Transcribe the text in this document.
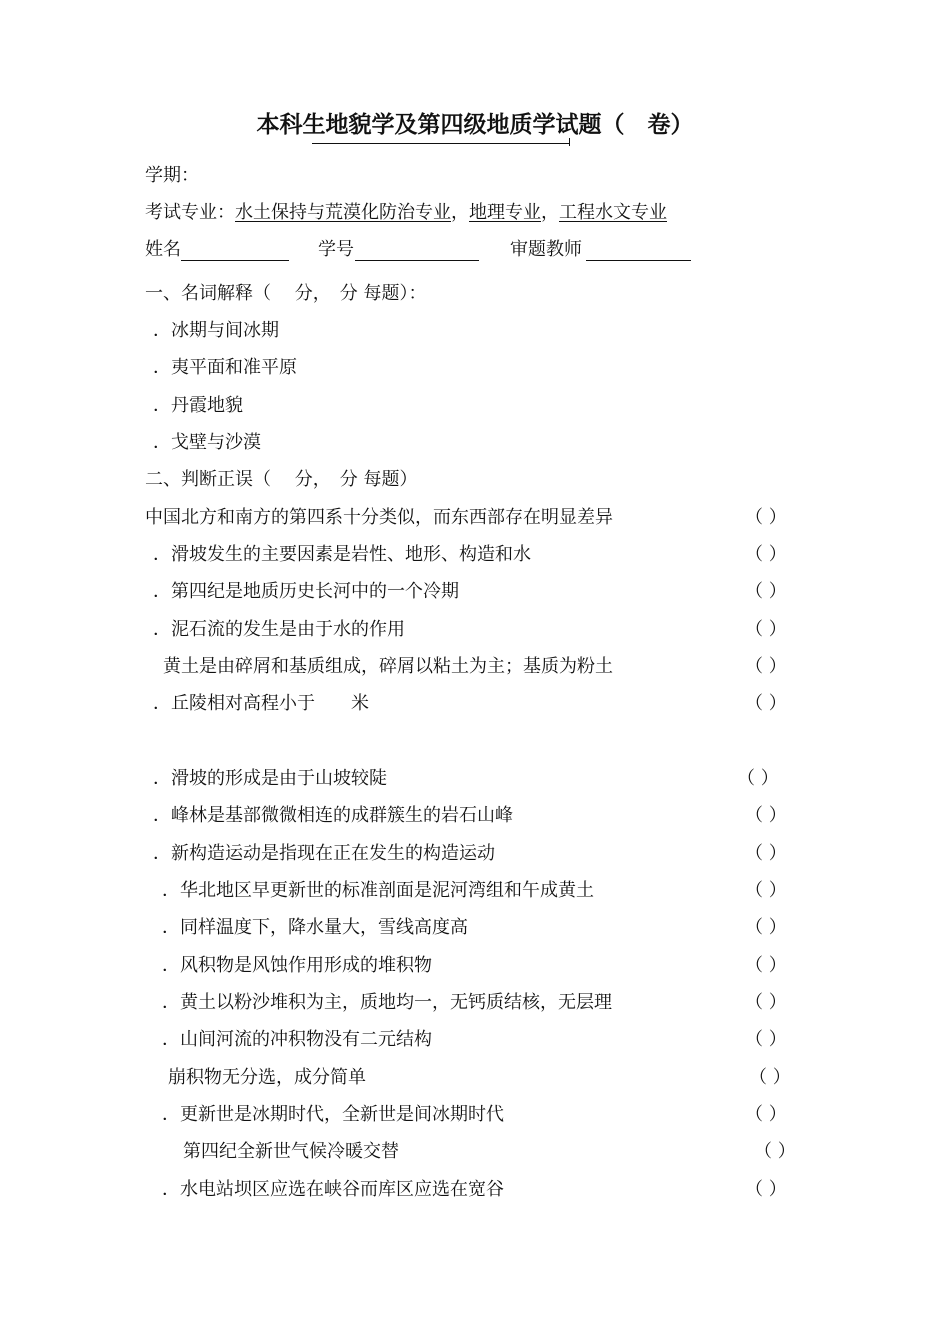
本科生地貌学及第四级地质学试题（　卷）
学期：
考试专业：水土保持与荒漠化防治专业，地理专业，工程水文专业
姓名	学号	审题教师
一、名词解释（　 分，　分 每题）：
．冰期与间冰期
．夷平面和准平原
．丹霞地貌
．戈壁与沙漠
二、判断正误（　 分，　分 每题）
中国北方和南方的第四系十分类似，而东西部存在明显差异	（ ）
．滑坡发生的主要因素是岩性、地形、构造和水	（ ）
．第四纪是地质历史长河中的一个冷期	（ ）
．泥石流的发生是由于水的作用	（ ）
黄土是由碎屑和基质组成，碎屑以粘土为主；基质为粉土	（ ）
．丘陵相对高程小于　　米	（ ）
．滑坡的形成是由于山坡较陡	（ ）
．峰林是基部微微相连的成群簇生的岩石山峰	（ ）
．新构造运动是指现在正在发生的构造运动	（ ）
．华北地区早更新世的标准剖面是泥河湾组和午成黄土	（ ）
．同样温度下，降水量大，雪线高度高	（ ）
．风积物是风蚀作用形成的堆积物	（ ）
．黄土以粉沙堆积为主，质地均一，无钙质结核，无层理	（ ）
．山间河流的冲积物没有二元结构	（ ）
崩积物无分选，成分简单	（ ）
．更新世是冰期时代，全新世是间冰期时代	（ ）
第四纪全新世气候冷暖交替	（ ）
．水电站坝区应选在峡谷而库区应选在宽谷	（ ）
